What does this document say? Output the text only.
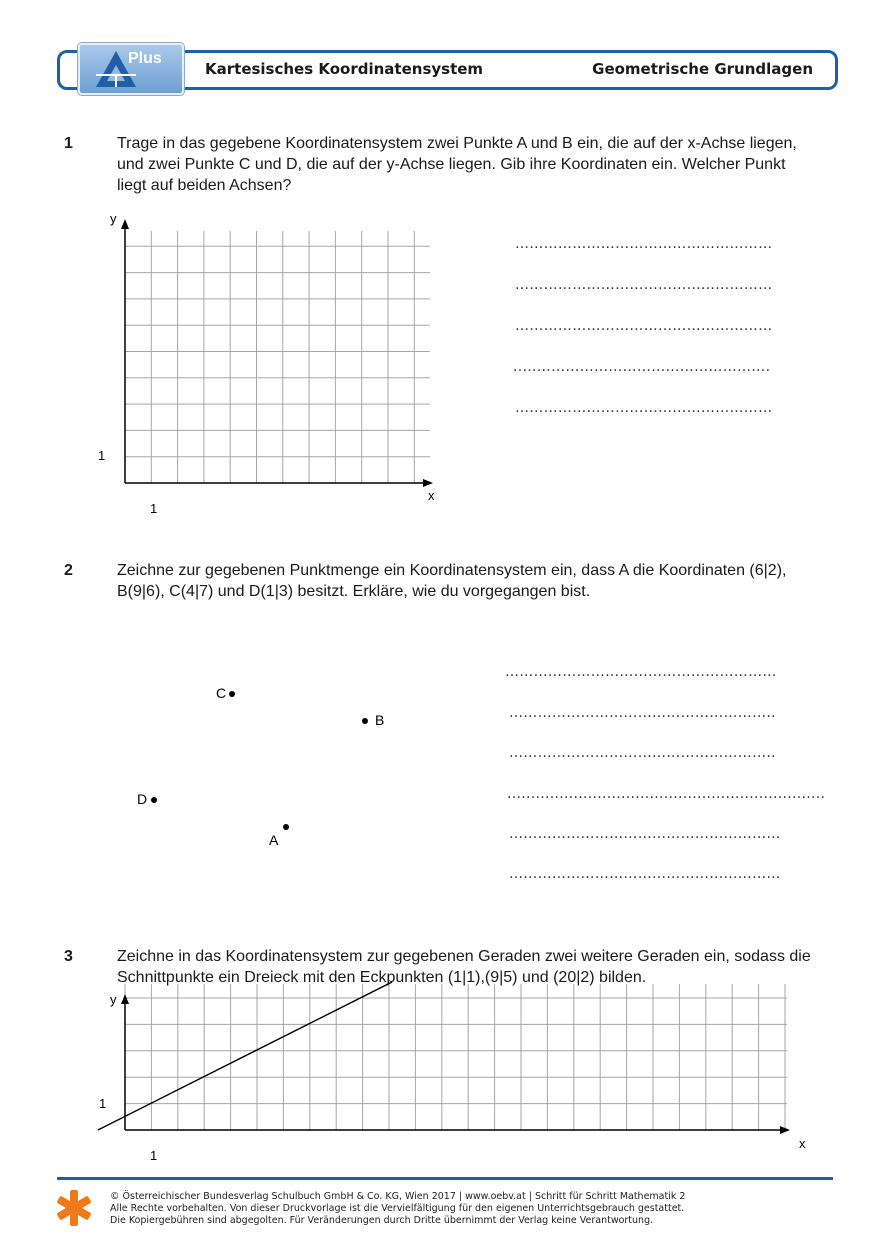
Plus
Kartesisches Koordinatensystem	Geometrische Grundlagen
1	Trage in das gegebene Koordinatensystem zwei Punkte A und B ein, die auf der x-Achse liegen, und zwei Punkte C und D, die auf der y-Achse liegen. Gib ihre Koordinaten ein. Welcher Punkt liegt auf beiden Achsen?
y
x
1
1
………………………………………………
………………………………………………
………………………………………………
..…………………………………………….
………………………………………………
2	Zeichne zur gegebenen Punktmenge ein Koordinatensystem ein, dass A die Koordinaten (6|2), B(9|6), C(4|7) und D(1|3) besitzt. Erkläre, wie du vorgegangen bist.
C
B
D
A
…………………………………………………
………………………………………………..
………………………………………………..
...................................................................
…………………………………………………
…………………………………………………
3	Zeichne in das Koordinatensystem zur gegebenen Geraden zwei weitere Geraden ein, sodass die Schnittpunkte ein Dreieck mit den Eckpunkten (1|1),(9|5) und (20|2) bilden.
y
x
1
1
© Österreichischer Bundesverlag Schulbuch GmbH & Co. KG, Wien 2017 | www.oebv.at | Schritt für Schritt Mathematik 2
Alle Rechte vorbehalten. Von dieser Druckvorlage ist die Vervielfältigung für den eigenen Unterrichtsgebrauch gestattet.
Die Kopiergebühren sind abgegolten. Für Veränderungen durch Dritte übernimmt der Verlag keine Verantwortung.
